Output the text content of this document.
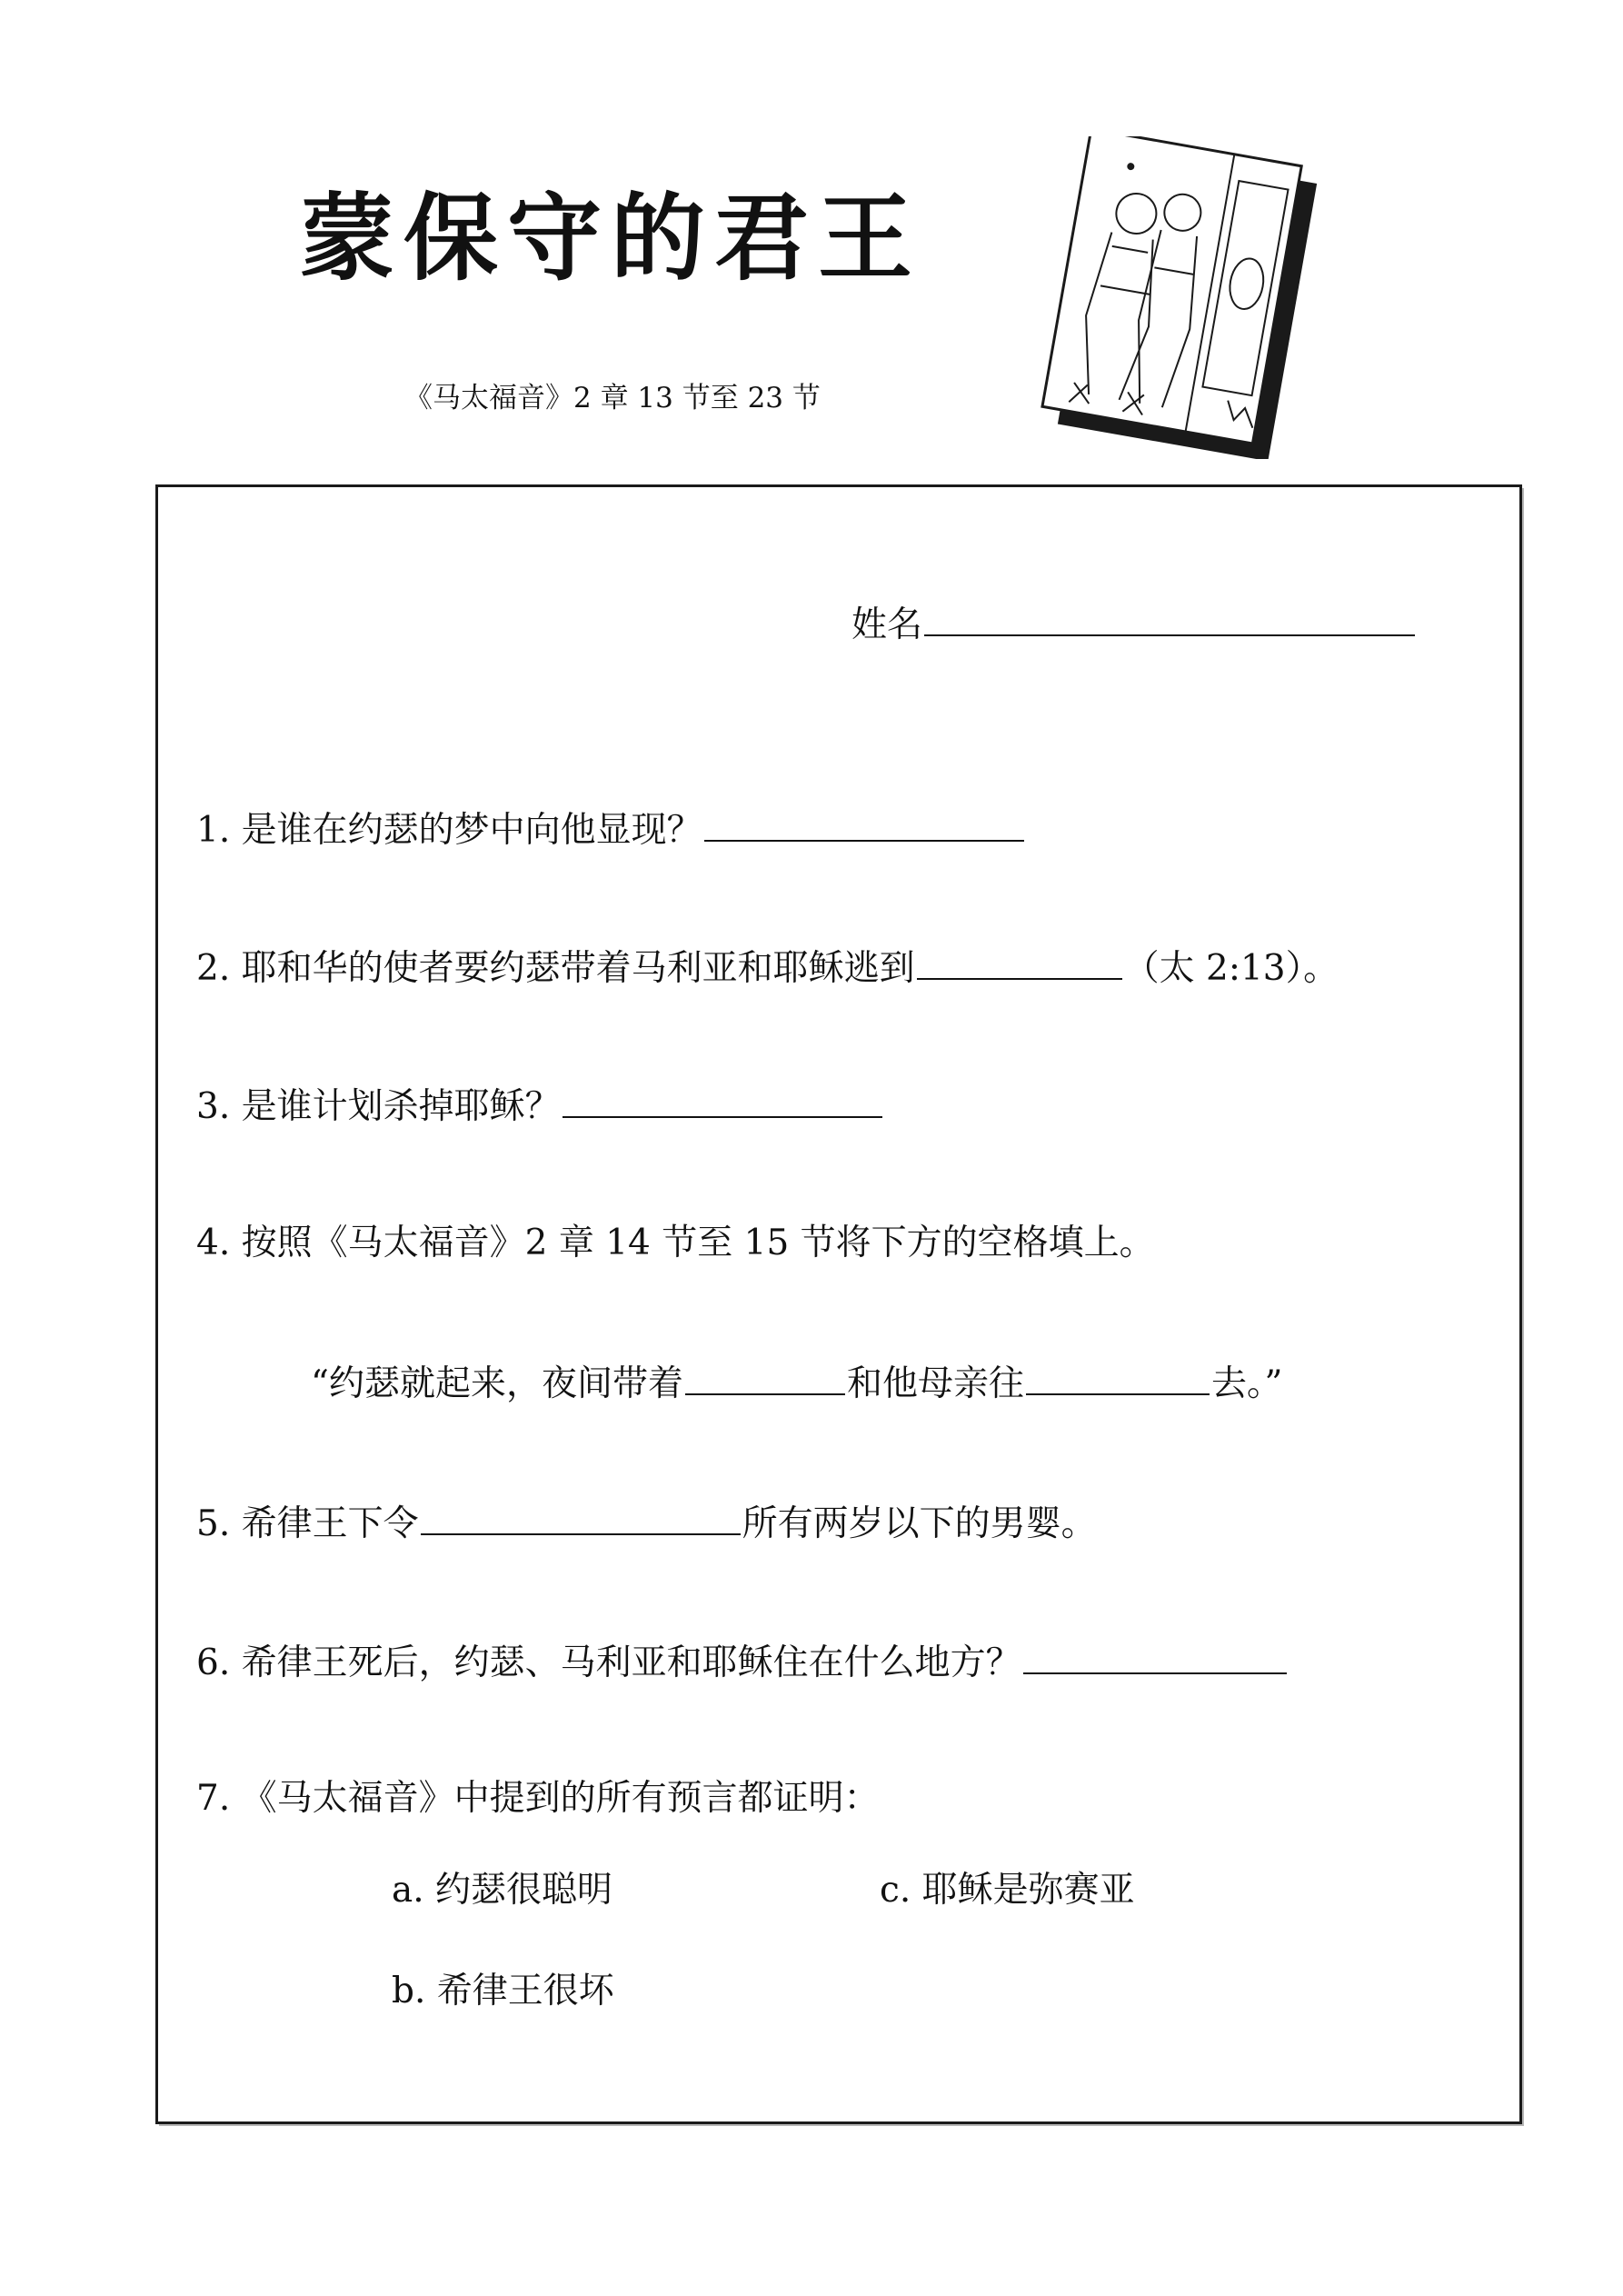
蒙保守的君王
《马太福音》2 章 13 节至 23 节
姓名
1. 是谁在约瑟的梦中向他显现？
2. 耶和华的使者要约瑟带着马利亚和耶稣逃到	（太 2:13）。
3. 是谁计划杀掉耶稣？
4. 按照《马太福音》2 章 14 节至 15 节将下方的空格填上。
“约瑟就起来，夜间带着	和他母亲往	去。”
5. 希律王下令	所有两岁以下的男婴。
6. 希律王死后，约瑟、马利亚和耶稣住在什么地方？
7. 《马太福音》中提到的所有预言都证明：
a. 约瑟很聪明	c. 耶稣是弥赛亚
b. 希律王很坏
